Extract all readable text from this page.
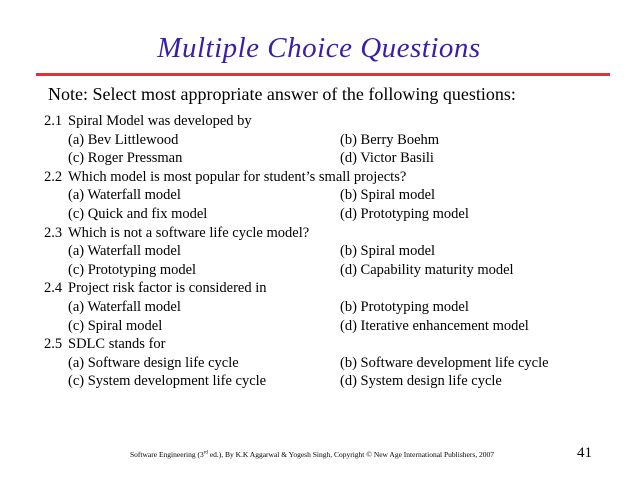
Multiple Choice Questions
Note: Select most appropriate answer of the following questions:
2.1 Spiral Model was developed by
(a) Bev Littlewood	(b) Berry Boehm
(c) Roger Pressman	(d) Victor Basili
2.2 Which model is most popular for student’s small projects?
(a) Waterfall model	(b) Spiral model
(c) Quick and fix model	(d) Prototyping model
2.3 Which is not a software life cycle model?
(a) Waterfall model	(b) Spiral model
(c) Prototyping model	(d) Capability maturity model
2.4 Project risk factor is considered in
(a) Waterfall model	(b) Prototyping model
(c) Spiral model	(d) Iterative enhancement model
2.5 SDLC stands for
(a) Software design life cycle	(b) Software development life cycle
(c) System development life cycle	(d) System design life cycle
Software Engineering (3rd ed.), By K.K Aggarwal & Yogesh Singh, Copyright © New Age International Publishers, 2007	41
